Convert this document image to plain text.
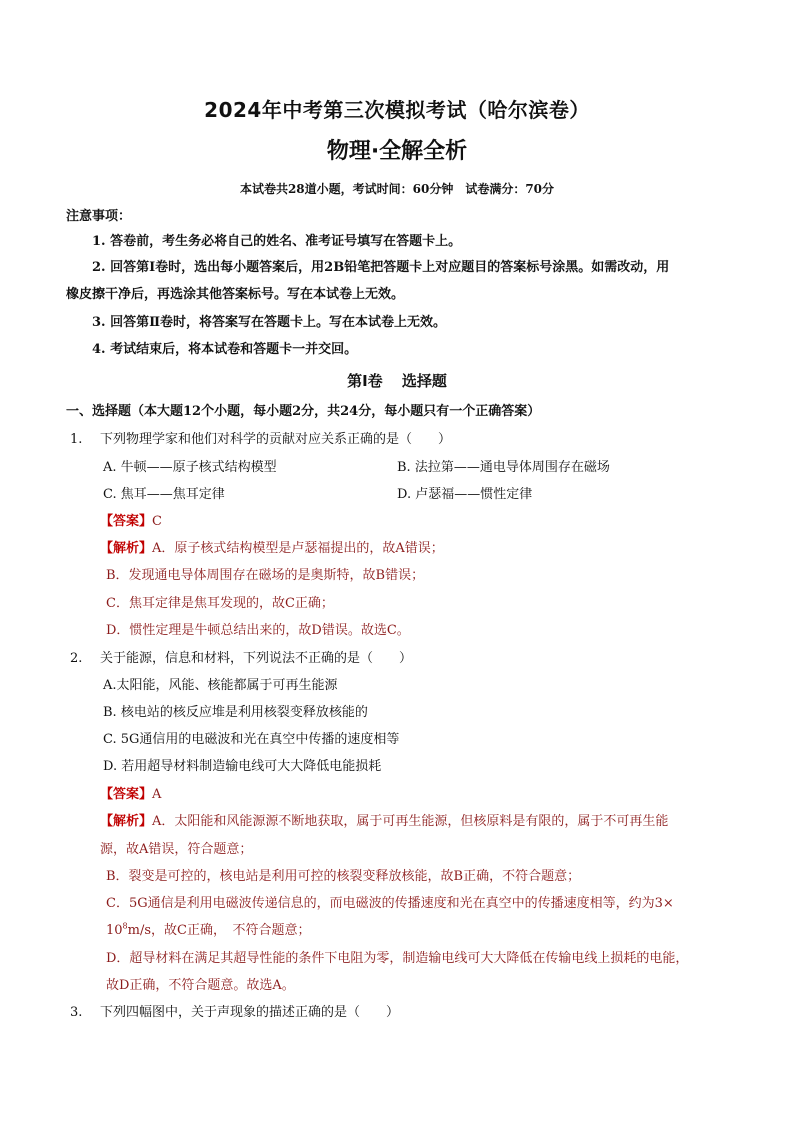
2024年中考第三次模拟考试（哈尔滨卷）
物理·全解全析
本试卷共28道小题，考试时间：60分钟　试卷满分：70分
注意事项：
1. 答卷前，考生务必将自己的姓名、准考证号填写在答题卡上。
2. 回答第Ⅰ卷时，选出每小题答案后，用2B铅笔把答题卡上对应题目的答案标号涂黑。如需改动，用
橡皮擦干净后，再选涂其他答案标号。写在本试卷上无效。
3. 回答第Ⅱ卷时，将答案写在答题卡上。写在本试卷上无效。
4. 考试结束后，将本试卷和答题卡一并交回。
第Ⅰ卷 选择题
一、选择题（本大题12个小题，每小题2分，共24分，每小题只有一个正确答案）
1. 下列物理学家和他们对科学的贡献对应关系正确的是（　　）
A. 牛顿——原子核式结构模型	B. 法拉第——通电导体周围存在磁场
C. 焦耳——焦耳定律	D. 卢瑟福——惯性定律
【答案】C
【解析】A．原子核式结构模型是卢瑟福提出的，故A错误；
B．发现通电导体周围存在磁场的是奥斯特，故B错误；
C．焦耳定律是焦耳发现的，故C正确；
D．惯性定理是牛顿总结出来的，故D错误。故选C。
2. 关于能源，信息和材料，下列说法不正确的是（　　）
A.太阳能，风能、核能都属于可再生能源
B. 核电站的核反应堆是利用核裂变释放核能的
C. 5G通信用的电磁波和光在真空中传播的速度相等
D. 若用超导材料制造输电线可大大降低电能损耗
【答案】A
【解析】A．太阳能和风能源源不断地获取，属于可再生能源，但核原料是有限的，属于不可再生能
源，故A错误，符合题意；
B．裂变是可控的，核电站是利用可控的核裂变释放核能，故B正确，不符合题意；
C．5G通信是利用电磁波传递信息的，而电磁波的传播速度和光在真空中的传播速度相等，约为3×
$10^8m/s$，故C正确，　不符合题意；
D．超导材料在满足其超导性能的条件下电阻为零，制造输电线可大大降低在传输电线上损耗的电能，
故D正确，不符合题意。故选A。
3. 下列四幅图中，关于声现象的描述正确的是（　　）
